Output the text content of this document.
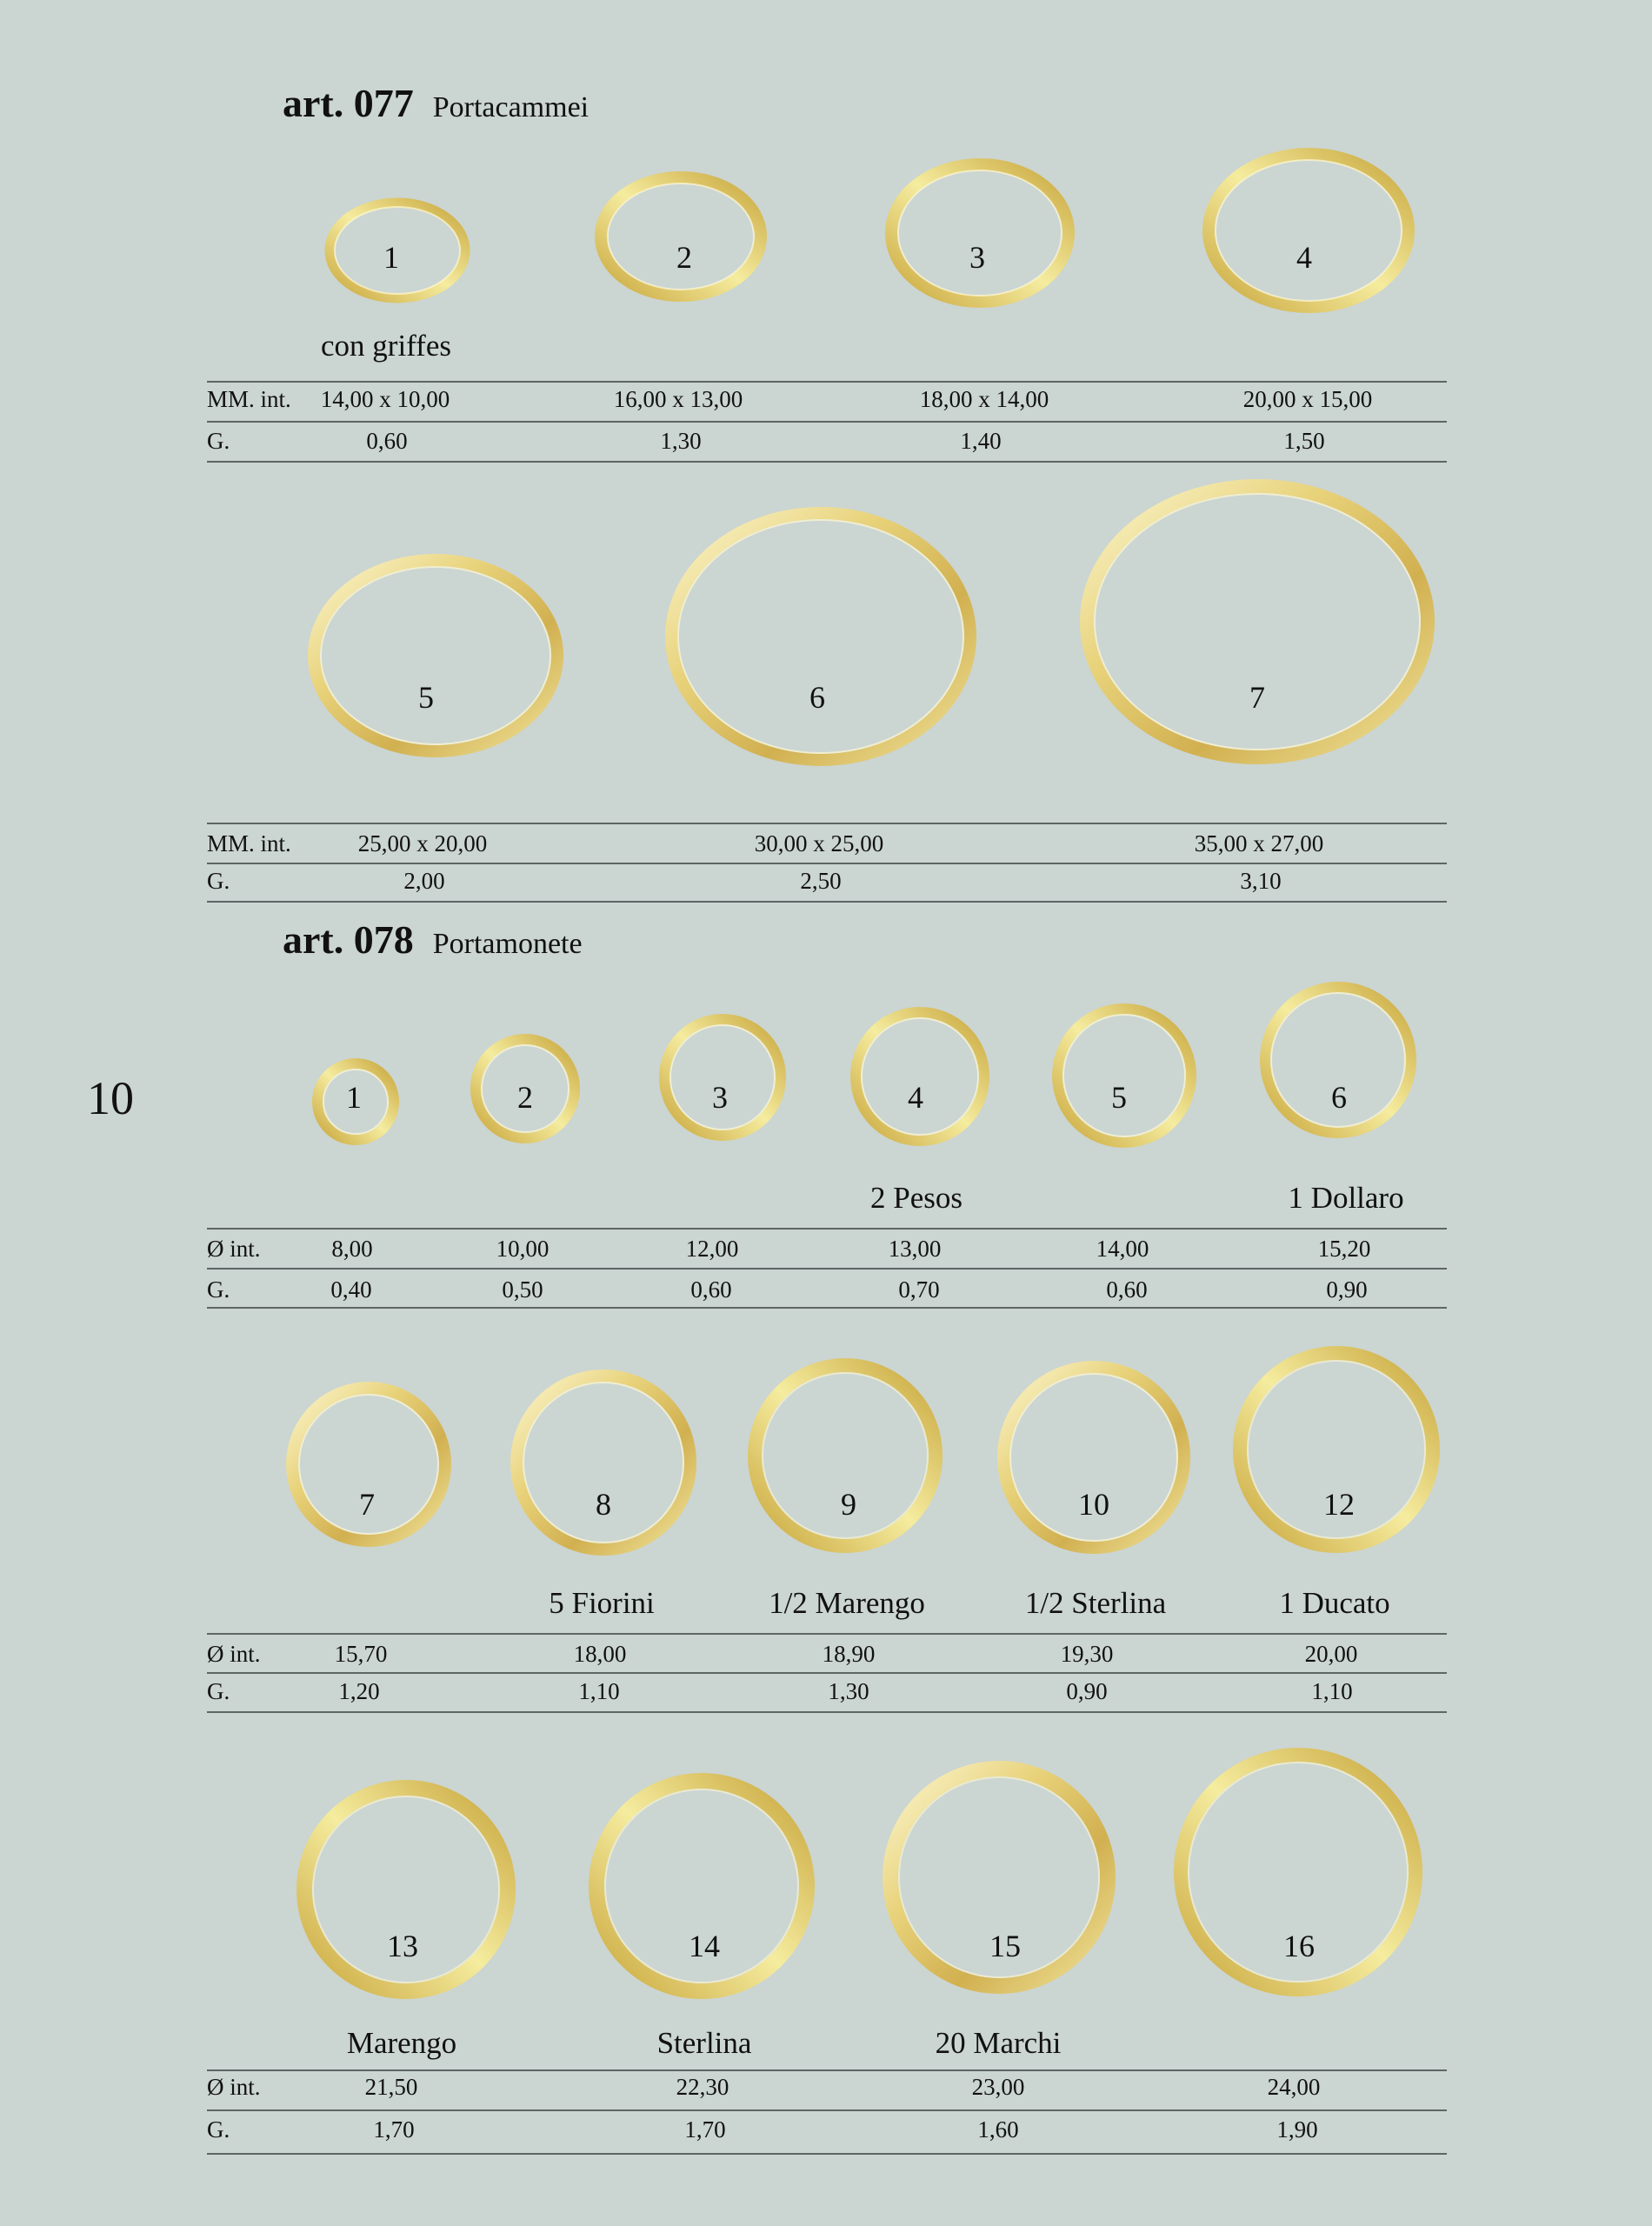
art. 077 Portacammei
1	2	3	4
con griffes
MM. int. 14,00 x 10,00	16,00 x 13,00	18,00 x 14,00	20,00 x 15,00
G.	0,60	1,30	1,40	1,50
5	6	7
MM. int.	25,00 x 20,00	30,00 x 25,00	35,00 x 27,00
G.	2,00	2,50	3,10
art. 078 Portamonete
10	1	2	3	4	5	6
2 Pesos	1 Dollaro
Ø int.	8,00	10,00	12,00	13,00	14,00	15,20
G.	0,40	0,50	0,60	0,70	0,60	0,90
7	8	9	10	12
5 Fiorini	1/2 Marengo	1/2 Sterlina	1 Ducato
Ø int.	15,70	18,00	18,90	19,30	20,00
G.	1,20	1,10	1,30	0,90	1,10
13	14	15	16
Marengo	Sterlina	20 Marchi
Ø int.	21,50	22,30	23,00	24,00
G.	1,70	1,70	1,60	1,90
